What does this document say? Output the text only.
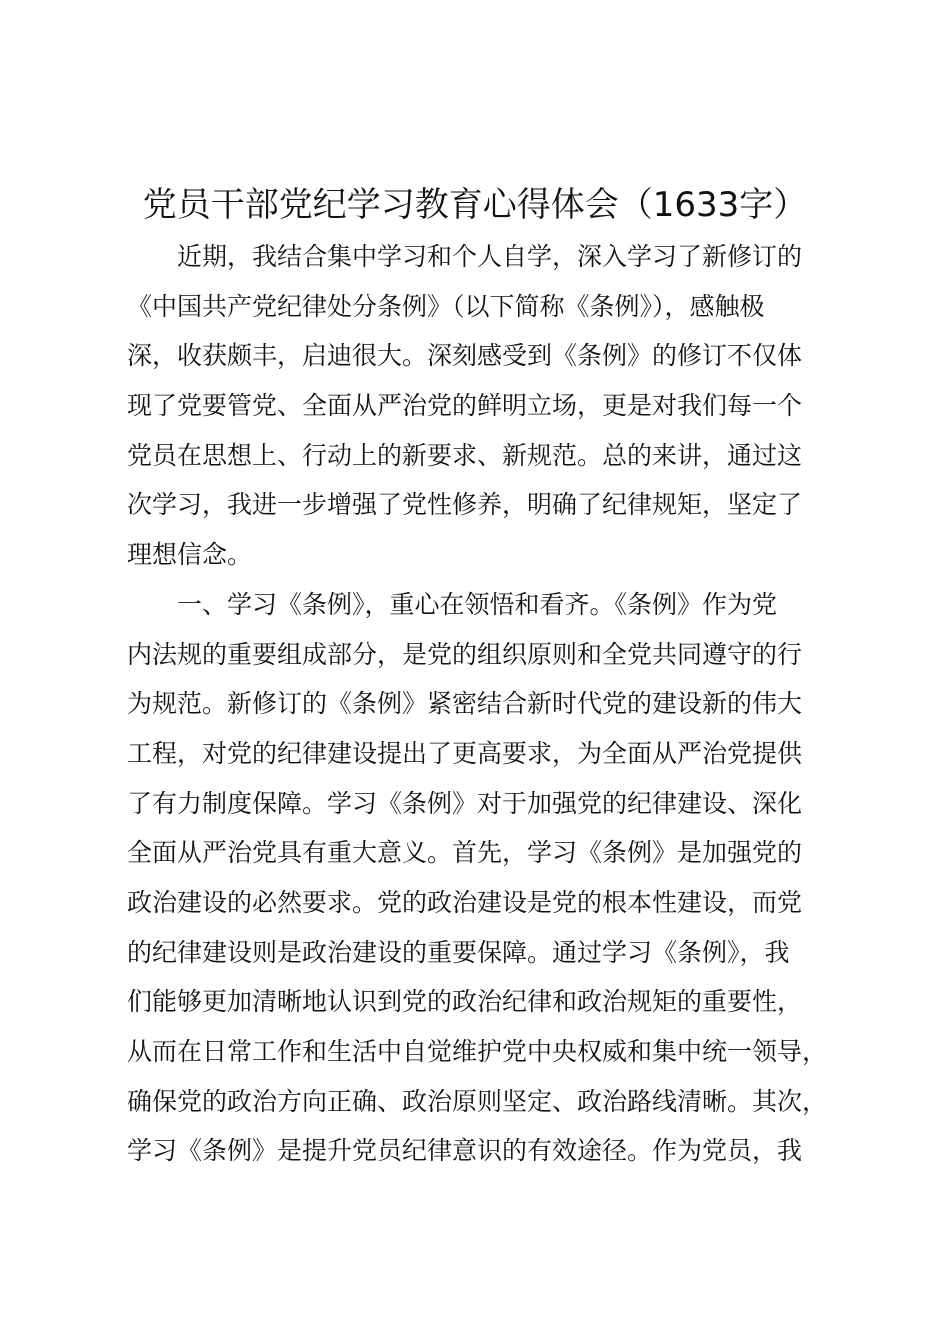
党员干部党纪学习教育心得体会（1633字）
近期，我结合集中学习和个人自学，深入学习了新修订的
《中国共产党纪律处分条例》（以下简称《条例》），感触极
深，收获颇丰，启迪很大。深刻感受到《条例》的修订不仅体
现了党要管党、全面从严治党的鲜明立场，更是对我们每一个
党员在思想上、行动上的新要求、新规范。总的来讲，通过这
次学习，我进一步增强了党性修养，明确了纪律规矩，坚定了
理想信念。
一、学习《条例》，重心在领悟和看齐。《条例》作为党
内法规的重要组成部分，是党的组织原则和全党共同遵守的行
为规范。新修订的《条例》紧密结合新时代党的建设新的伟大
工程，对党的纪律建设提出了更高要求，为全面从严治党提供
了有力制度保障。学习《条例》对于加强党的纪律建设、深化
全面从严治党具有重大意义。首先，学习《条例》是加强党的
政治建设的必然要求。党的政治建设是党的根本性建设，而党
的纪律建设则是政治建设的重要保障。通过学习《条例》，我
们能够更加清晰地认识到党的政治纪律和政治规矩的重要性，
从而在日常工作和生活中自觉维护党中央权威和集中统一领导，
确保党的政治方向正确、政治原则坚定、政治路线清晰。其次，
学习《条例》是提升党员纪律意识的有效途径。作为党员，我
